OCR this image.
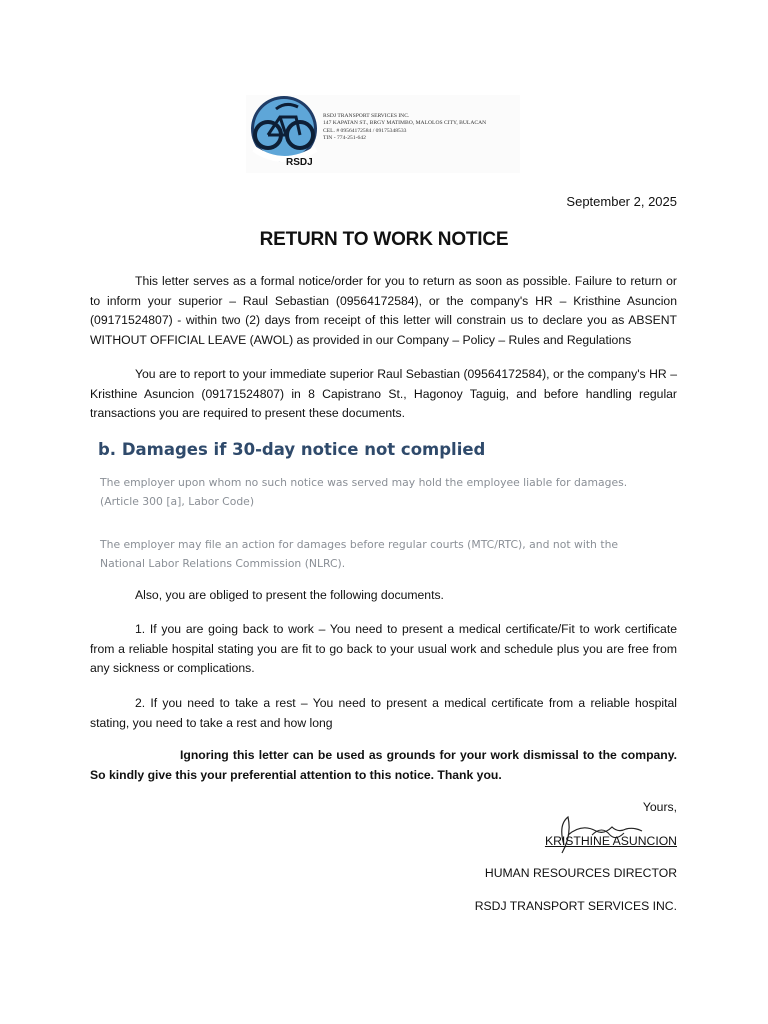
RSDJ
RSDJ TRANSPORT SERVICES INC.
147 KAPATAN ST., BRGY MATIMBO, MALOLOS CITY, BULACAN
CEL. # 09564172584 / 09175348533
TIN - 774-251-642
September 2, 2025
RETURN TO WORK NOTICE
This letter serves as a formal notice/order for you to return as soon as possible. Failure to return or to inform your superior – Raul Sebastian (09564172584), or the company's HR – Kristhine Asuncion (09171524807) - within two (2) days from receipt of this letter will constrain us to declare you as ABSENT WITHOUT OFFICIAL LEAVE (AWOL) as provided in our Company – Policy – Rules and Regulations
You are to report to your immediate superior Raul Sebastian (09564172584), or the company's HR – Kristhine Asuncion (09171524807) in 8 Capistrano St., Hagonoy Taguig, and before handling regular transactions you are required to present these documents.
b. Damages if 30-day notice not complied
The employer upon whom no such notice was served may hold the employee liable for damages.
(Article 300 [a], Labor Code)
The employer may file an action for damages before regular courts (MTC/RTC), and not with the
National Labor Relations Commission (NLRC).
Also, you are obliged to present the following documents.
1. If you are going back to work – You need to present a medical certificate/Fit to work certificate from a reliable hospital stating you are fit to go back to your usual work and schedule plus you are free from any sickness or complications.
2. If you need to take a rest – You need to present a medical certificate from a reliable hospital stating, you need to take a rest and how long
Ignoring this letter can be used as grounds for your work dismissal to the company. So kindly give this your preferential attention to this notice. Thank you.
Yours,
KRISTHINE ASUNCION
HUMAN RESOURCES DIRECTOR
RSDJ TRANSPORT SERVICES INC.
